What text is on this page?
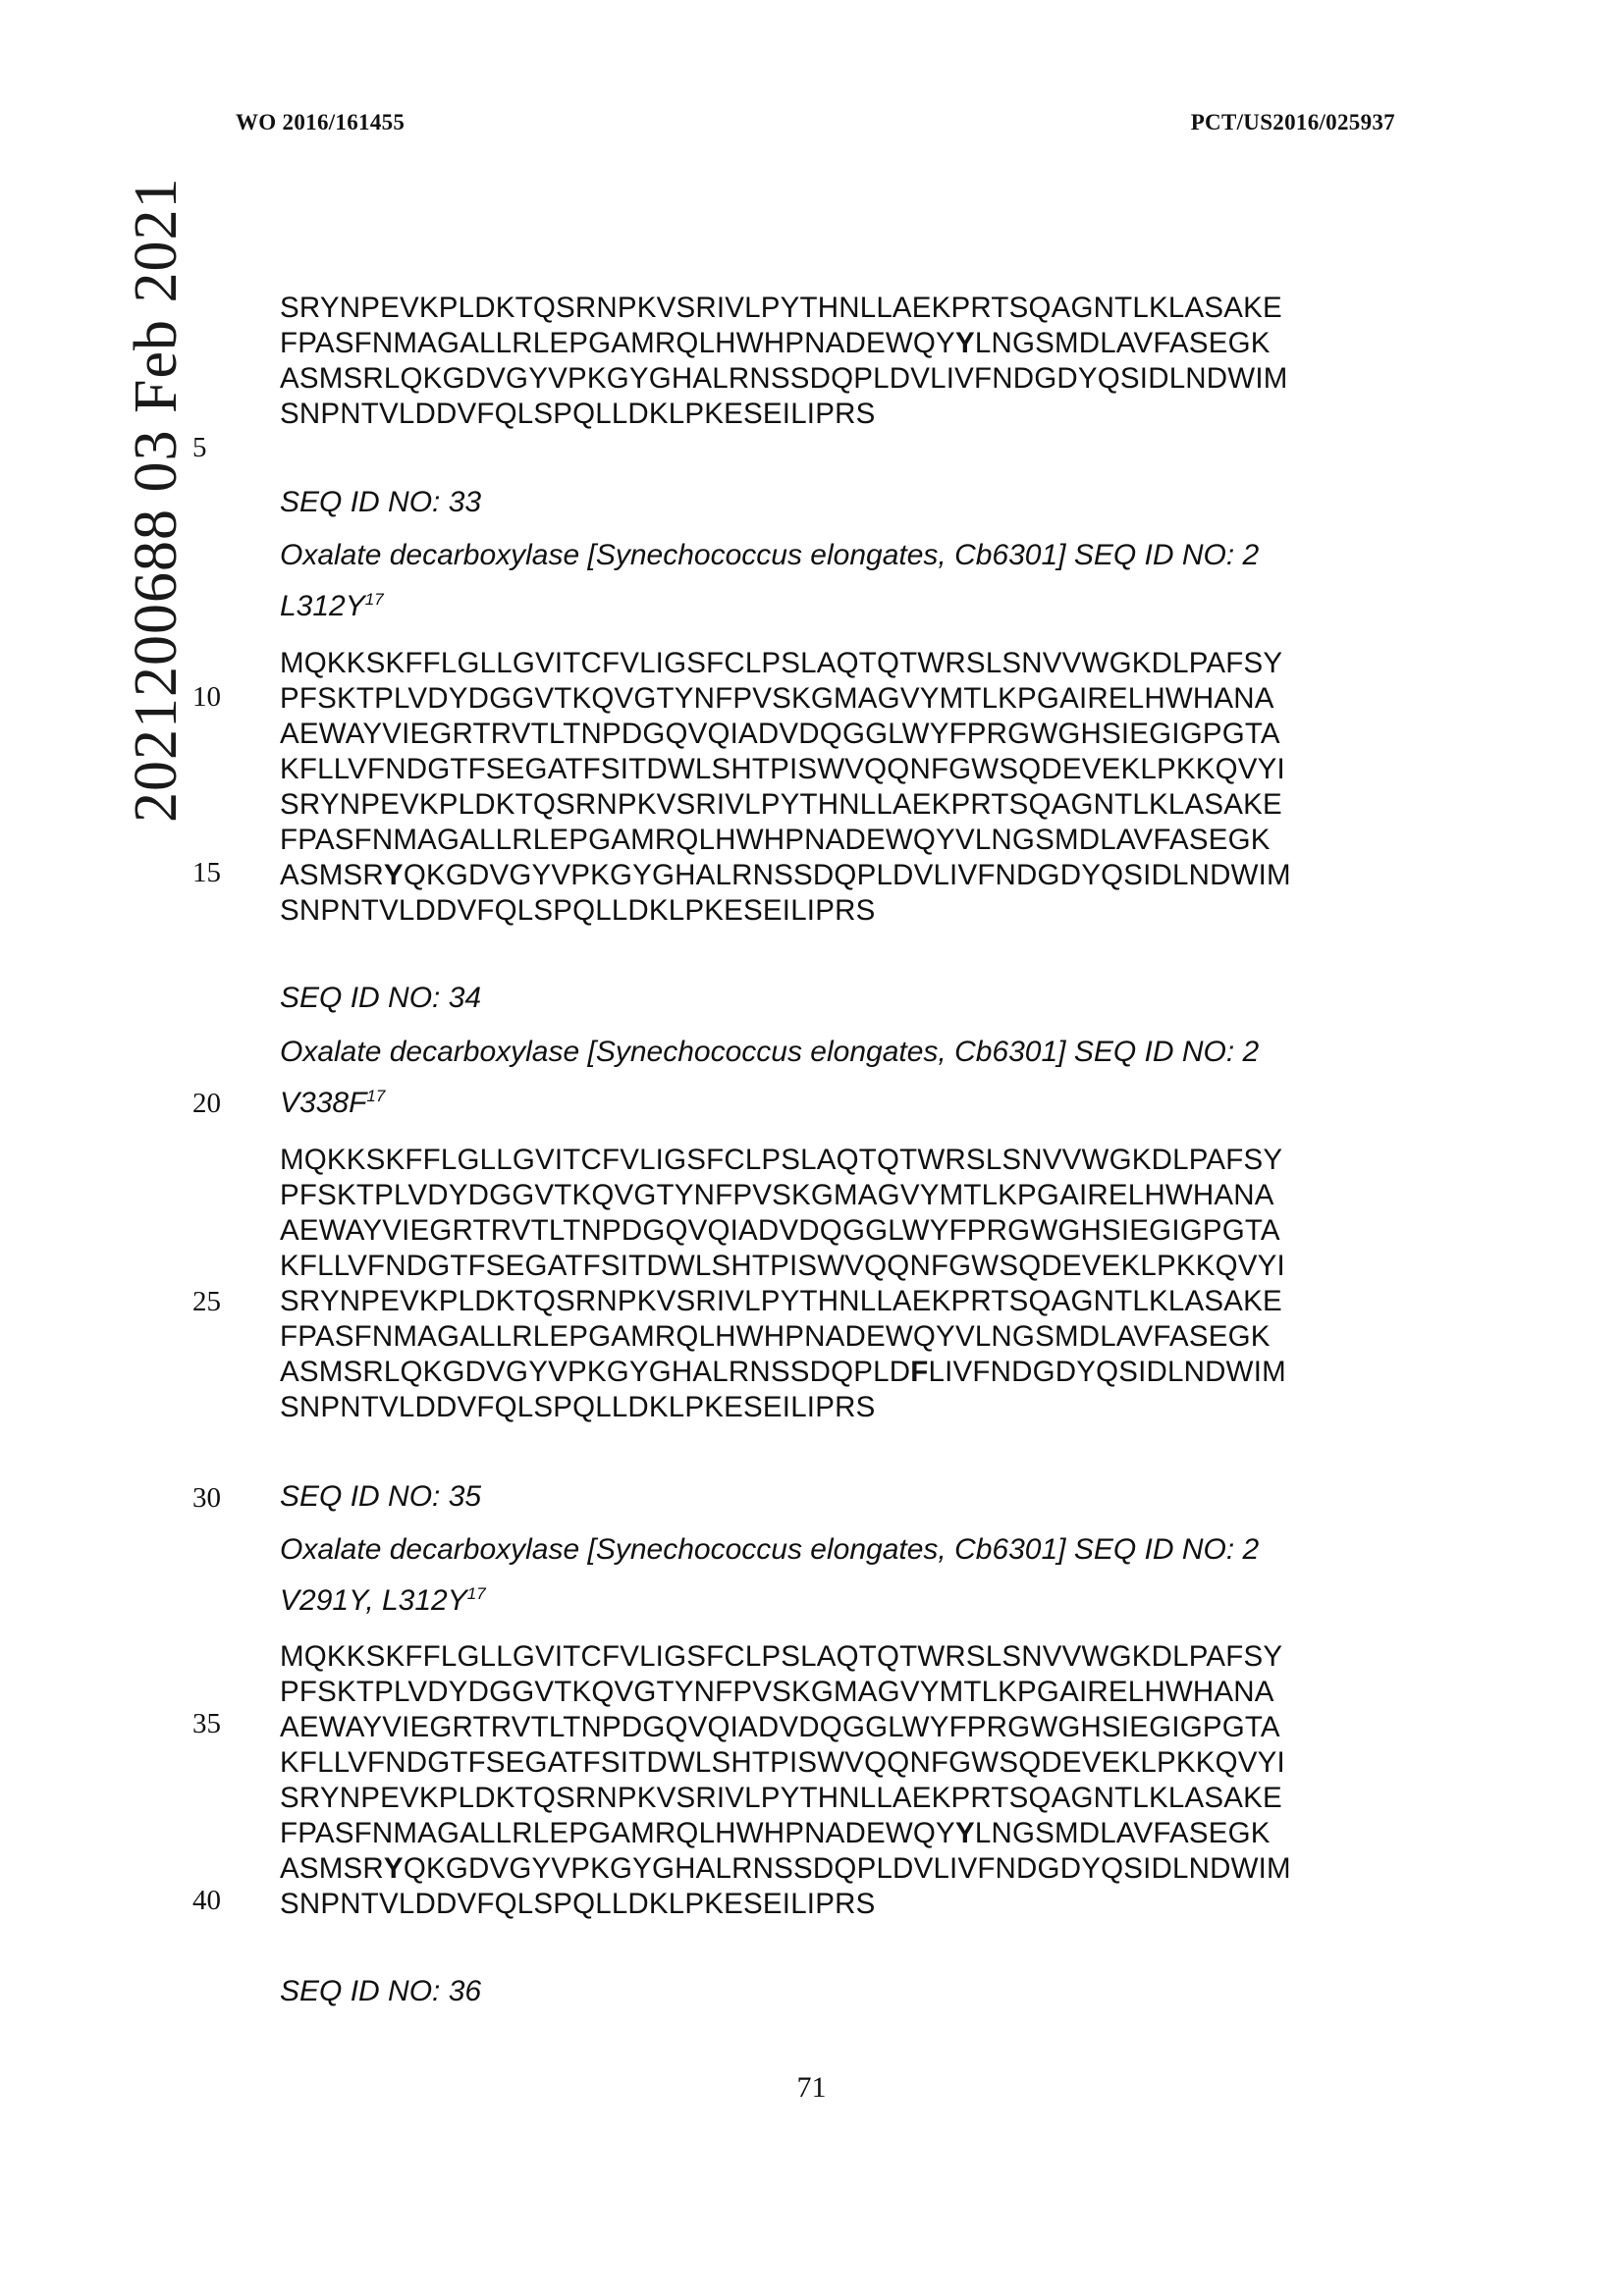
WO 2016/161455	PCT/US2016/025937
2021200688 03 Feb 2021 5
10
15
20
25
30
35
40
SRYNPEVKPLDKTQSRNPKVSRIVLPYTHNLLAEKPRTSQAGNTLKLASAKE
FPASFNMAGALLRLEPGAMRQLHWHPNADEWQYYLNGSMDLAVFASEGK
ASMSRLQKGDVGYVPKGYGHALRNSSDQPLDVLIVFNDGDYQSIDLNDWIM
SNPNTVLDDVFQLSPQLLDKLPKESEILIPRS
SEQ ID NO: 33
Oxalate decarboxylase [Synechococcus elongates, Cb6301] SEQ ID NO: 2
$L312Y^{17}$
MQKKSKFFLGLLGVITCFVLIGSFCLPSLAQTQTWRSLSNVVWGKDLPAFSY
PFSKTPLVDYDGGVTKQVGTYNFPVSKGMAGVYMTLKPGAIRELHWHANA
AEWAYVIEGRTRVTLTNPDGQVQIADVDQGGLWYFPRGWGHSIEGIGPGTA
KFLLVFNDGTFSEGATFSITDWLSHTPISWVQQNFGWSQDEVEKLPKKQVYI
SRYNPEVKPLDKTQSRNPKVSRIVLPYTHNLLAEKPRTSQAGNTLKLASAKE
FPASFNMAGALLRLEPGAMRQLHWHPNADEWQYVLNGSMDLAVFASEGK
ASMSRYQKGDVGYVPKGYGHALRNSSDQPLDVLIVFNDGDYQSIDLNDWIM
SNPNTVLDDVFQLSPQLLDKLPKESEILIPRS
SEQ ID NO: 34
Oxalate decarboxylase [Synechococcus elongates, Cb6301] SEQ ID NO: 2
$V338F^{17}$
MQKKSKFFLGLLGVITCFVLIGSFCLPSLAQTQTWRSLSNVVWGKDLPAFSY
PFSKTPLVDYDGGVTKQVGTYNFPVSKGMAGVYMTLKPGAIRELHWHANA
AEWAYVIEGRTRVTLTNPDGQVQIADVDQGGLWYFPRGWGHSIEGIGPGTA
KFLLVFNDGTFSEGATFSITDWLSHTPISWVQQNFGWSQDEVEKLPKKQVYI
SRYNPEVKPLDKTQSRNPKVSRIVLPYTHNLLAEKPRTSQAGNTLKLASAKE
FPASFNMAGALLRLEPGAMRQLHWHPNADEWQYVLNGSMDLAVFASEGK
ASMSRLQKGDVGYVPKGYGHALRNSSDQPLDFLIVFNDGDYQSIDLNDWIM
SNPNTVLDDVFQLSPQLLDKLPKESEILIPRS
SEQ ID NO: 35
Oxalate decarboxylase [Synechococcus elongates, Cb6301] SEQ ID NO: 2
V291Y, $L312Y^{17}$
MQKKSKFFLGLLGVITCFVLIGSFCLPSLAQTQTWRSLSNVVWGKDLPAFSY
PFSKTPLVDYDGGVTKQVGTYNFPVSKGMAGVYMTLKPGAIRELHWHANA
AEWAYVIEGRTRVTLTNPDGQVQIADVDQGGLWYFPRGWGHSIEGIGPGTA
KFLLVFNDGTFSEGATFSITDWLSHTPISWVQQNFGWSQDEVEKLPKKQVYI
SRYNPEVKPLDKTQSRNPKVSRIVLPYTHNLLAEKPRTSQAGNTLKLASAKE
FPASFNMAGALLRLEPGAMRQLHWHPNADEWQYYLNGSMDLAVFASEGK
ASMSRYQKGDVGYVPKGYGHALRNSSDQPLDVLIVFNDGDYQSIDLNDWIM
SNPNTVLDDVFQLSPQLLDKLPKESEILIPRS
SEQ ID NO: 36
71
